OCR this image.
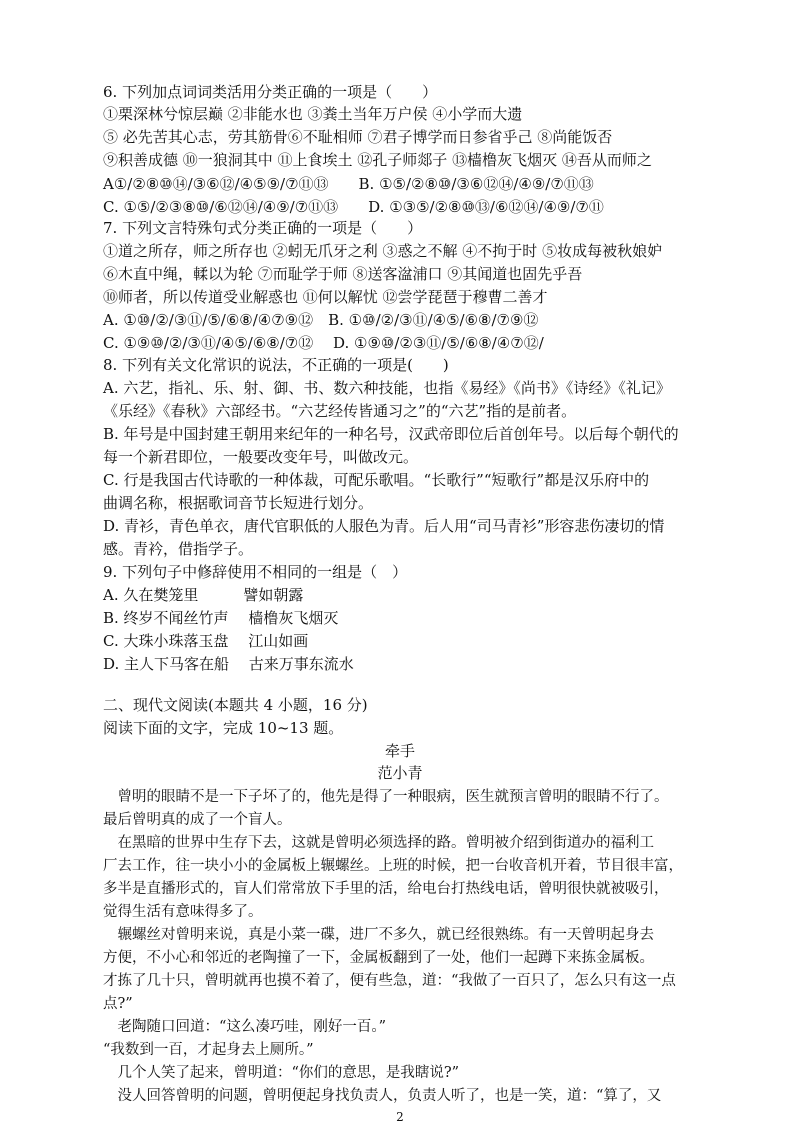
6. 下列加点词词类活用分类正确的一项是（　　）

①栗深林兮惊层巅 ②非能水也 ③粪土当年万户侯 ④小学而大遗

⑤ 必先苦其心志，劳其筋骨⑥不耻相师 ⑦君子博学而日参省乎己 ⑧尚能饭否

⑨积善成德 ⑩一狼洞其中 ⑪上食埃土 ⑫孔子师郯子 ⑬樯橹灰飞烟灭 ⑭吾从而师之

A①/②⑧⑩⑭/③⑥⑫/④⑤⑨/⑦⑪⑬　　B. ①⑤/②⑧⑩/③⑥⑫⑭/④⑨/⑦⑪⑬

C. ①⑤/②③⑧⑩/⑥⑫⑭/④⑨/⑦⑪⑬　　D. ①③⑤/②⑧⑩⑬/⑥⑫⑭/④⑨/⑦⑪

7. 下列文言特殊句式分类正确的一项是（　　）

①道之所存，师之所存也 ②蚓无爪牙之利 ③惑之不解 ④不拘于时 ⑤妆成每被秋娘妒

⑥木直中绳，輮以为轮 ⑦而耻学于师 ⑧送客湓浦口 ⑨其闻道也固先乎吾

⑩师者，所以传道受业解惑也 ⑪何以解忧 ⑫尝学琵琶于穆曹二善才

A. ①⑩/②/③⑪/⑤/⑥⑧/④⑦⑨⑫　B. ①⑩/②/③⑪/④⑤/⑥⑧/⑦⑨⑫

C. ①⑨⑩/②/③⑪/④⑤/⑥⑧/⑦⑫　 D. ①⑨⑩/②③⑪/⑤/⑥⑧/④⑦⑫/

8. 下列有关文化常识的说法，不正确的一项是(　　)

A. 六艺，指礼、乐、射、御、书、数六种技能，也指《易经》《尚书》《诗经》《礼记》

《乐经》《春秋》六部经书。“六艺经传皆通习之”的“六艺”指的是前者。

B. 年号是中国封建王朝用来纪年的一种名号，汉武帝即位后首创年号。以后每个朝代的

每一个新君即位，一般要改变年号，叫做改元。

C. 行是我国古代诗歌的一种体裁，可配乐歌唱。“长歌行”“短歌行”都是汉乐府中的

曲调名称，根据歌词音节长短进行划分。

D. 青衫，青色单衣，唐代官职低的人服色为青。后人用“司马青衫”形容悲伤凄切的情

感。青衿，借指学子。

9. 下列句子中修辞使用不相同的一组是（　）

A. 久在樊笼里　　　譬如朝露

B. 终岁不闻丝竹声　 樯橹灰飞烟灭

C. 大珠小珠落玉盘　 江山如画

D. 主人下马客在船　 古来万事东流水

二、现代文阅读(本题共 4 小题，16 分)

阅读下面的文字，完成 10~13 题。

牵手

范小青

　曾明的眼睛不是一下子坏了的，他先是得了一种眼病，医生就预言曾明的眼睛不行了。

最后曾明真的成了一个盲人。

　在黑暗的世界中生存下去，这就是曾明必须选择的路。曾明被介绍到街道办的福利工

厂去工作，往一块小小的金属板上辗螺丝。上班的时候，把一台收音机开着，节目很丰富，

多半是直播形式的，盲人们常常放下手里的活，给电台打热线电话，曾明很快就被吸引，

觉得生活有意味得多了。

　辗螺丝对曾明来说，真是小菜一碟，进厂不多久，就已经很熟练。有一天曾明起身去

方便，不小心和邻近的老陶撞了一下，金属板翻到了一处，他们一起蹲下来拣金属板。

才拣了几十只，曾明就再也摸不着了，便有些急，道：“我做了一百只了，怎么只有这一点

点?”

　老陶随口回道：“这么凑巧哇，刚好一百。”

“我数到一百，才起身去上厕所。”

　几个人笑了起来，曾明道：“你们的意思，是我瞎说?”

　没人回答曾明的问题，曾明便起身找负责人，负责人听了，也是一笑，道：“算了，又

2
